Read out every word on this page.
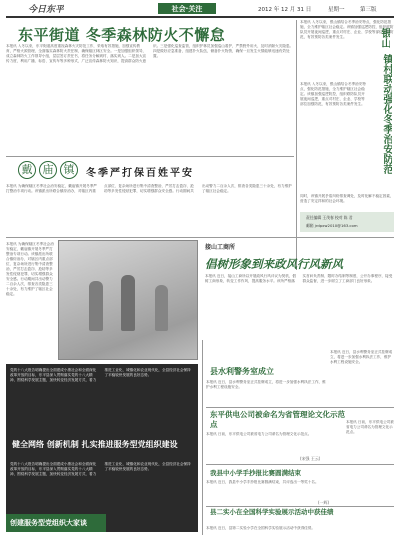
今日东平	社会·关注	2012 年 12 月 31 日	星期一	第三版
东平街道 冬季森林防火不懈怠
本报讯 入冬以来，东平街道高度重视森林火灾防范工作，采取有效措施，加强宣传教育，严格火源管理，全面落实森林防火责任制，确保辖区林区安全。一是加强组织领导，成立森林防火工作领导小组，层层签订责任书，将任务分解到村、落实到人。二是加大宣传力度，利用广播、标语、宣传车等多种形式，广泛宣传森林防火知识，提高群众防火意识。三是强化巡查监管，组织护林员加强巡山看护，严禁野外用火，及时消除火灾隐患。四是做好应急准备，组建扑火队伍，储备扑火物资，确保一旦发生火情能够迅速有效处置。
本报讯 入冬以来，银山镇结合冬季治安特点，强化防范措施，全力维护辖区社会稳定。该镇加强巡逻防控，组织联防队员开展夜间巡逻，重点对村庄、企业、学校等部位加强防范，有效预防各类案件发生。	银山
镇村联动强化冬季治安防范
本报讯 入冬以来，银山镇结合冬季治安特点，强化防范措施，全力维护辖区社会稳定。该镇加强巡逻防控，组织联防队员开展夜间巡逻，重点对村庄、企业、学校等部位加强防范，有效预防各类案件发生。
同时，该镇开展矛盾纠纷排查调处，及时化解不稳定因素，营造了安定祥和的社会环境。
责任编辑 王茂春 校对 陈 君
邮箱 jrdpxw2010@163.com
戴 庙 镇	冬季严打保百姓平安
本报讯 为确保辖区冬季社会治安稳定，戴庙镇开展冬季严打整治专项行动。该镇派出所联合镇综治办，对辖区内重点部位、复杂场所进行集中清查整治，严厉打击盗窃、抢劫等多发性侵财犯罪，切实增强群众安全感。行动期间共出动警力二百余人次，排查各类隐患三十余处，有力维护了辖区社会稳定。
本报讯 为确保辖区冬季社会治安稳定，戴庙镇开展冬季严打整治专项行动。该镇派出所联合镇综治办，对辖区内重点部位、复杂场所进行集中清查整治，严厉打击盗窃、抢劫等多发性侵财犯罪，切实增强群众安全感。行动期间共出动警力二百余人次，排查各类隐患三十余处，有力维护了辖区社会稳定。
接山工商所
倡树形象到来政风行风新风
本报讯 近日，接山工商所以开展政风行风评议为契机，倡树工商形象，转变工作作风，提高服务水平。该所严格落实首问负责制、限时办结制等制度，公开办事程序，接受群众监督，进一步树立了工商部门良好形象。
党的十八大报告明确提出全面建成小康社会和全面深化改革开放的目标，东平县深入贯彻落实党的十八大精神，围绕科学发展主题，加快转变经济发展方式，着力推进工业化、城镇化和农业现代化，全县经济社会保持了平稳较快发展的良好态势。
健全网络 创新机制 扎实推进服务型党组织建设
党的十八大报告明确提出全面建成小康社会和全面深化改革开放的目标，东平县深入贯彻落实党的十八大精神，围绕科学发展主题，加快转变经济发展方式，着力推进工业化、城镇化和农业现代化，全县经济社会保持了平稳较快发展的良好态势。
创建服务型党组织大家谈
县水利警务室成立
本报讯 近日，县水利警务室正式挂牌成立，将进一步加强水利执法工作，维护水利工程设施安全。
本报讯 近日，县水利警务室正式挂牌成立，将进一步加强水利执法工作，维护水利工程设施安全。
东平供电公司被命名为省管理论文化示范点
本报讯 日前，东平供电公司被省电力公司命名为管理文化示范点。
(宋强 王云)
本报讯 日前，东平供电公司被省电力公司命名为管理文化示范点。
我县中小学手抄报比赛圆满结束
本报讯 近日，我县中小学手抄报比赛圆满结束，共评选出一等奖十名。
(一辉)
县二实小在全国科学实验展示活动中获佳绩
本报讯 近日，县第二实验小学在全国科学实验展示活动中获得佳绩。
